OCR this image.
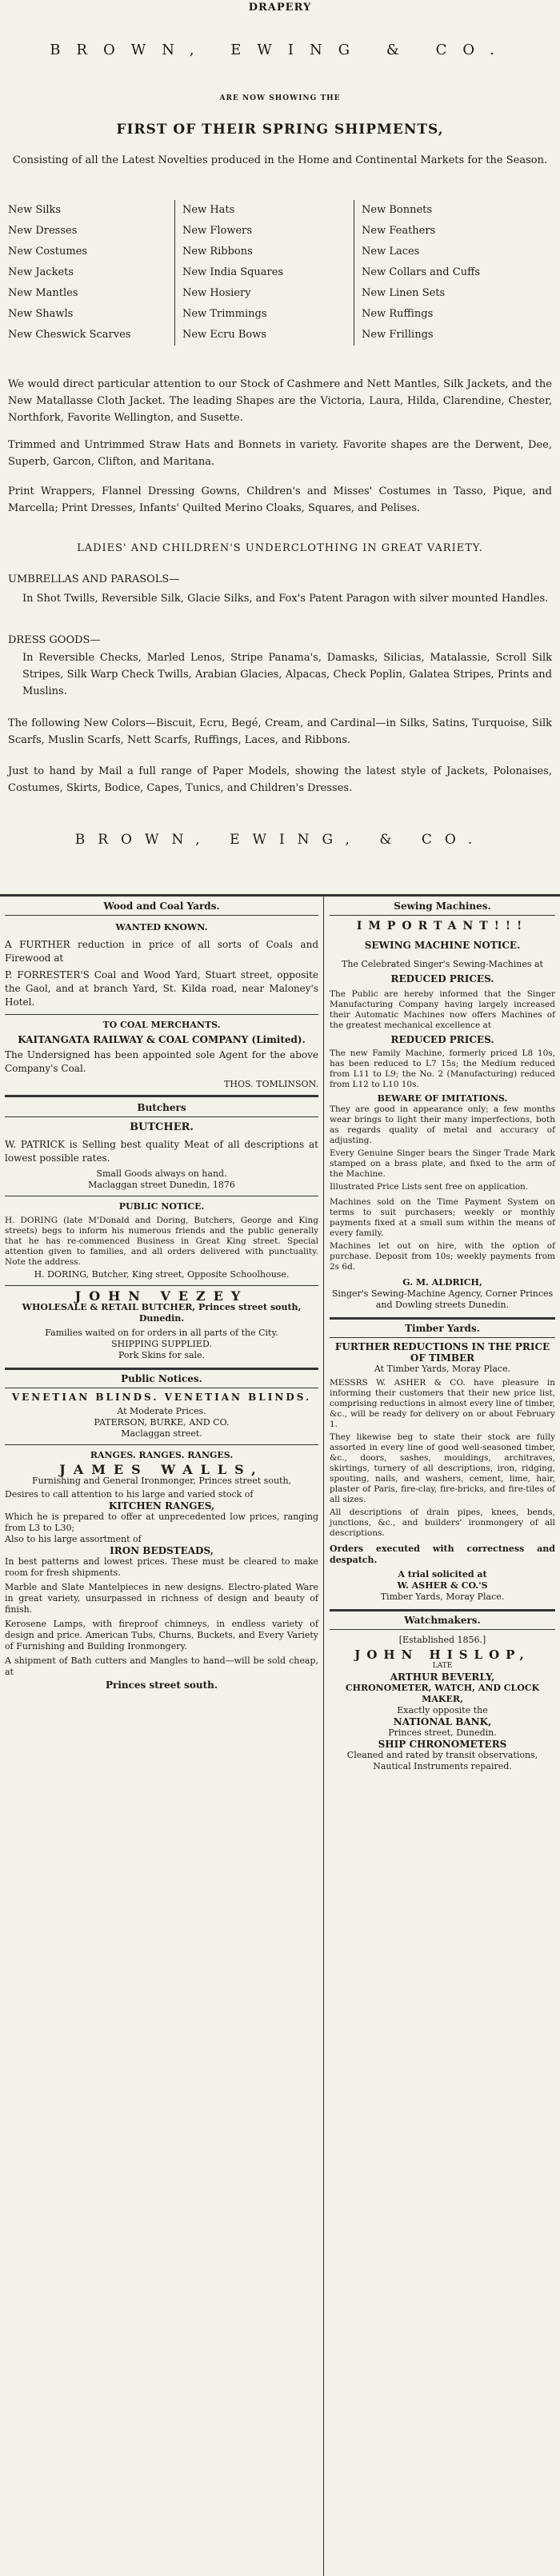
DRAPERY
BROWN, EWING & CO.
ARE NOW SHOWING THE
FIRST OF THEIR SPRING SHIPMENTS,
Consisting of all the Latest Novelties produced in the Home and Continental Markets for the Season.
New Silks
New Dresses
New Costumes
New Jackets
New Mantles
New Shawls
New Cheswick Scarves
New Hats
New Flowers
New Ribbons
New India Squares
New Hosiery
New Trimmings
New Ecru Bows
New Bonnets
New Feathers
New Laces
New Collars and Cuffs
New Linen Sets
New Ruffings
New Frillings
We would direct particular attention to our Stock of Cashmere and Nett Mantles, Silk Jackets, and the New Matallasse Cloth Jacket. The leading Shapes are the Victoria, Laura, Hilda, Clarendine, Chester, Northfork, Favorite Wellington, and Susette.
Trimmed and Untrimmed Straw Hats and Bonnets in variety. Favorite shapes are the Derwent, Dee, Superb, Garcon, Clifton, and Maritana.
Print Wrappers, Flannel Dressing Gowns, Children's and Misses' Costumes in Tasso, Pique, and Marcella; Print Dresses, Infants' Quilted Merino Cloaks, Squares, and Pelises.
LADIES' AND CHILDREN'S UNDERCLOTHING IN GREAT VARIETY.
UMBRELLAS AND PARASOLS—
In Shot Twills, Reversible Silk, Glacie Silks, and Fox's Patent Paragon with silver mounted Handles.
DRESS GOODS—
In Reversible Checks, Marled Lenos, Stripe Panama's, Damasks, Silicias, Matalassie, Scroll Silk Stripes, Silk Warp Check Twills, Arabian Glacies, Alpacas, Check Poplin, Galatea Stripes, Prints and Muslins.
The following New Colors—Biscuit, Ecru, Begé, Cream, and Cardinal—in Silks, Satins, Turquoise, Silk Scarfs, Muslin Scarfs, Nett Scarfs, Ruffings, Laces, and Ribbons.
Just to hand by Mail a full range of Paper Models, showing the latest style of Jackets, Polonaises, Costumes, Skirts, Bodice, Capes, Tunics, and Children's Dresses.
BROWN, EWING, & CO.
Wood and Coal Yards.
WANTED KNOWN.
A FURTHER reduction in price of all sorts of Coals and Firewood at
P. FORRESTER'S Coal and Wood Yard, Stuart street, opposite the Gaol, and at branch Yard, St. Kilda road, near Maloney's Hotel.
TO COAL MERCHANTS.
KAITANGATA RAILWAY & COAL COMPANY (Limited).
The Undersigned has been appointed sole Agent for the above Company's Coal.
THOS. TOMLINSON.
Butchers
BUTCHER.
W. PATRICK is Selling best quality Meat of all descriptions at lowest possible rates.
Small Goods always on hand.
Maclaggan street Dunedin, 1876
PUBLIC NOTICE.
H. DORING (late M'Donald and Doring, Butchers, George and King streets) begs to inform his numerous friends and the public generally that he has re-commenced Business in Great King street. Special attention given to families, and all orders delivered with punctuality. Note the address.
H. DORING, Butcher, King street, Opposite Schoolhouse.
JOHN VEZEY
WHOLESALE & RETAIL BUTCHER, Princes street south, Dunedin.
Families waited on for orders in all parts of the City.
SHIPPING SUPPLIED.
Pork Skins for sale.
Public Notices.
VENETIAN BLINDS. VENETIAN BLINDS.
At Moderate Prices.
PATERSON, BURKE, AND CO.
Maclaggan street.
RANGES. RANGES. RANGES.
JAMES WALLS,
Furnishing and General Ironmonger, Princes street south,
Desires to call attention to his large and varied stock of
KITCHEN RANGES,
Which he is prepared to offer at unprecedented low prices, ranging from L3 to L30;
Also to his large assortment of
IRON BEDSTEADS,
In best patterns and lowest prices. These must be cleared to make room for fresh shipments.
Marble and Slate Mantelpieces in new designs. Electro-plated Ware in great variety, unsurpassed in richness of design and beauty of finish.
Kerosene Lamps, with fireproof chimneys, in endless variety of design and price. American Tubs, Churns, Buckets, and Every Variety of Furnishing and Building Ironmongery.
A shipment of Bath cutters and Mangles to hand—will be sold cheap, at
Princes street south.
Sewing Machines.
IMPORTANT!!!
SEWING MACHINE NOTICE.
The Celebrated Singer's Sewing-Machines at
REDUCED PRICES.
The Public are hereby informed that the Singer Manufacturing Company having largely increased their Automatic Machines now offers Machines of the greatest mechanical excellence at
REDUCED PRICES.
The new Family Machine, formerly priced L8 10s, has been reduced to L7 15s; the Medium reduced from L11 to L9; the No. 2 (Manufacturing) reduced from L12 to L10 10s.
BEWARE OF IMITATIONS.
They are good in appearance only; a few months wear brings to light their many imperfections, both as regards quality of metal and accuracy of adjusting.
Every Genuine Singer bears the Singer Trade Mark stamped on a brass plate, and fixed to the arm of the Machine.
Illustrated Price Lists sent free on application.
Machines sold on the Time Payment System on terms to suit purchasers; weekly or monthly payments fixed at a small sum within the means of every family.
Machines let out on hire, with the option of purchase. Deposit from 10s; weekly payments from 2s 6d.
G. M. ALDRICH,
Singer's Sewing-Machine Agency, Corner Princes and Dowling streets Dunedin.
Timber Yards.
FURTHER REDUCTIONS IN THE PRICE OF TIMBER
At Timber Yards, Moray Place.
MESSRS W. ASHER & CO. have pleasure in informing their customers that their new price list, comprising reductions in almost every line of timber, &c., will be ready for delivery on or about February 1.
They likewise beg to state their stock are fully assorted in every line of good well-seasoned timber, &c., doors, sashes, mouldings, architraves, skirtings, turnery of all descriptions, iron, ridging, spouting, nails, and washers, cement, lime, hair, plaster of Paris, fire-clay, fire-bricks, and fire-tiles of all sizes.
All descriptions of drain pipes, knees, bends, junctions, &c., and builders' ironmongery of all descriptions.
Orders executed with correctness and despatch.
A trial solicited at
W. ASHER & CO.'S
Timber Yards, Moray Place.
Watchmakers.
[Established 1856.]
JOHN HISLOP,
LATE
ARTHUR BEVERLY,
CHRONOMETER, WATCH, AND CLOCK MAKER,
Exactly opposite the
NATIONAL BANK,
Princes street, Dunedin.
SHIP CHRONOMETERS
Cleaned and rated by transit observations,
Nautical Instruments repaired.
